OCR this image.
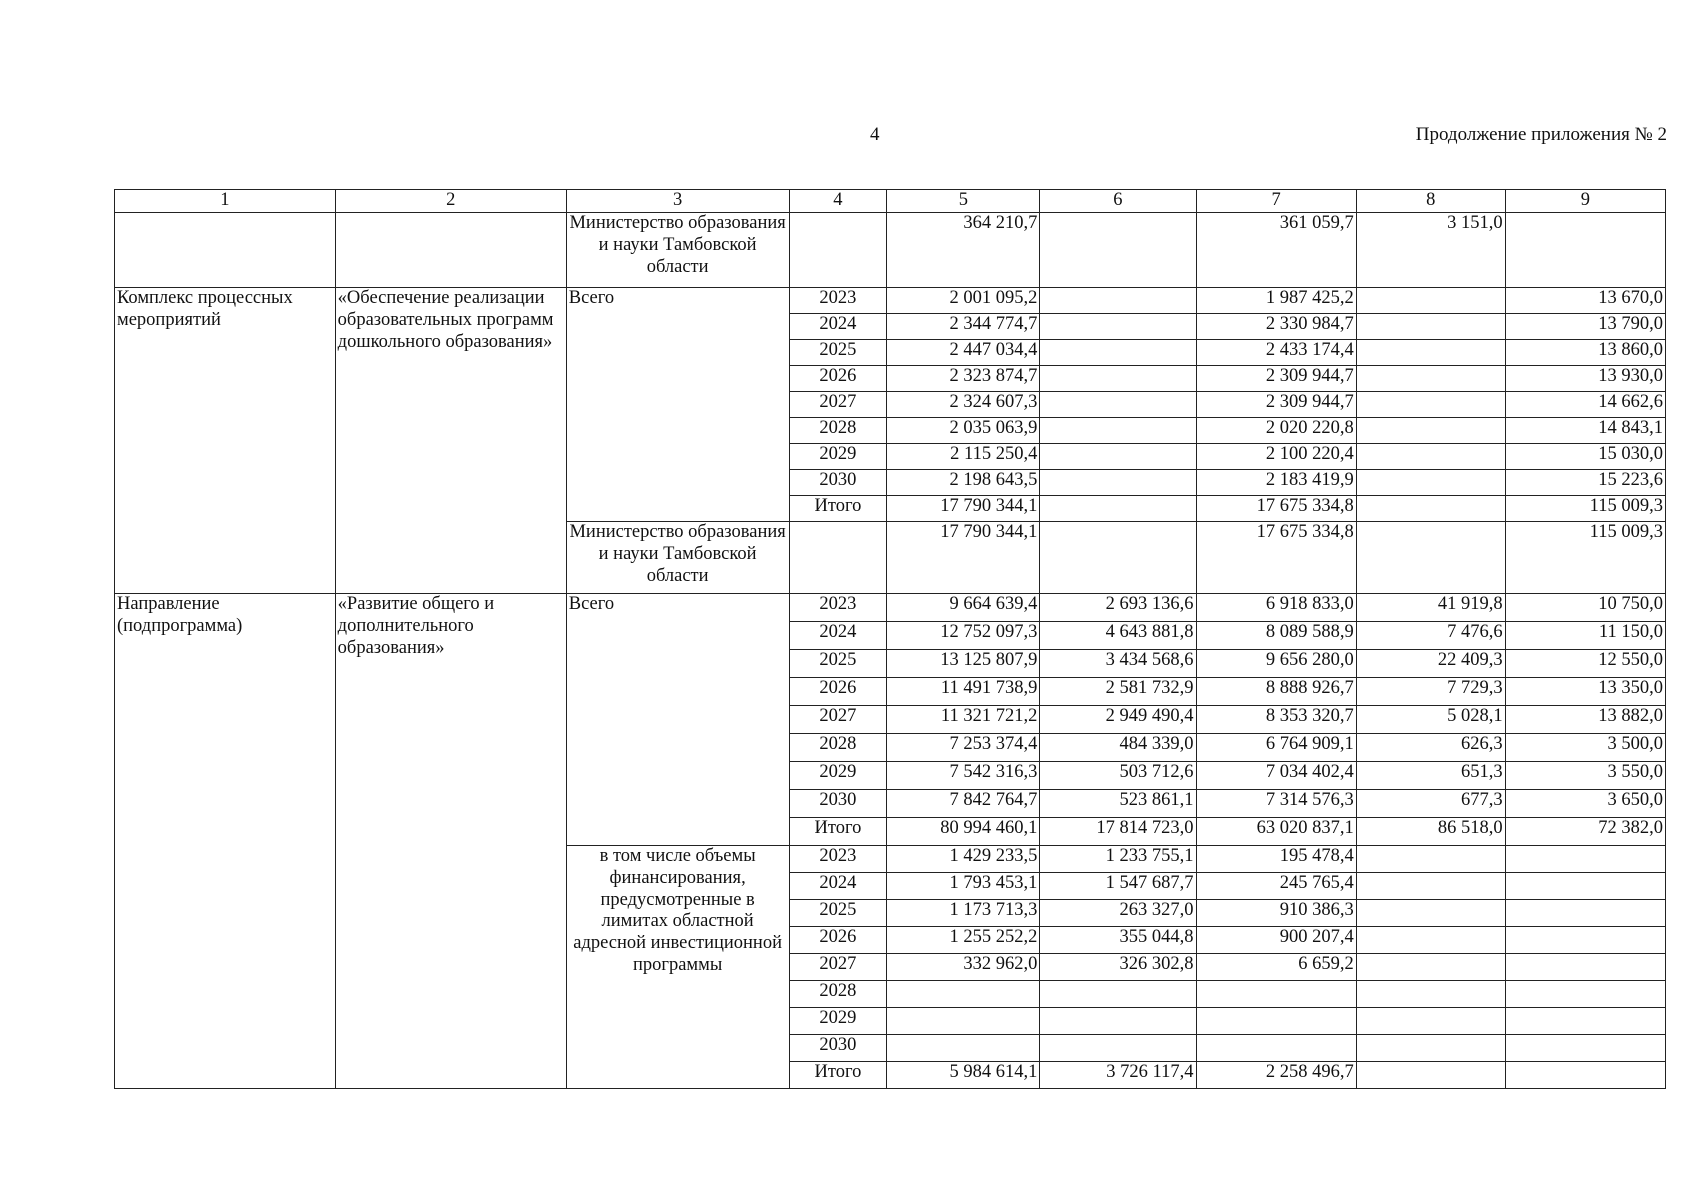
4	Продолжение приложения № 2
1	2	3	4	5	6	7	8	9
		Министерство образования и науки Тамбовской области		364 210,7		361 059,7	3 151,0	
Комплекс процессных мероприятий	«Обеспечение реализации образовательных программ дошкольного образования»	Всего	2023	2 001 095,2		1 987 425,2		13 670,0
			2024	2 344 774,7		2 330 984,7		13 790,0
			2025	2 447 034,4		2 433 174,4		13 860,0
			2026	2 323 874,7		2 309 944,7		13 930,0
			2027	2 324 607,3		2 309 944,7		14 662,6
			2028	2 035 063,9		2 020 220,8		14 843,1
			2029	2 115 250,4		2 100 220,4		15 030,0
			2030	2 198 643,5		2 183 419,9		15 223,6
			Итого	17 790 344,1		17 675 334,8		115 009,3
		Министерство образования и науки Тамбовской области		17 790 344,1		17 675 334,8		115 009,3
Направление (подпрограмма)	«Развитие общего и дополнительного образования»	Всего	2023	9 664 639,4	2 693 136,6	6 918 833,0	41 919,8	10 750,0
			2024	12 752 097,3	4 643 881,8	8 089 588,9	7 476,6	11 150,0
			2025	13 125 807,9	3 434 568,6	9 656 280,0	22 409,3	12 550,0
			2026	11 491 738,9	2 581 732,9	8 888 926,7	7 729,3	13 350,0
			2027	11 321 721,2	2 949 490,4	8 353 320,7	5 028,1	13 882,0
			2028	7 253 374,4	484 339,0	6 764 909,1	626,3	3 500,0
			2029	7 542 316,3	503 712,6	7 034 402,4	651,3	3 550,0
			2030	7 842 764,7	523 861,1	7 314 576,3	677,3	3 650,0
			Итого	80 994 460,1	17 814 723,0	63 020 837,1	86 518,0	72 382,0
		в том числе объемы финансирования, предусмотренные в лимитах областной адресной инвестиционной программы	2023	1 429 233,5	1 233 755,1	195 478,4		
			2024	1 793 453,1	1 547 687,7	245 765,4		
			2025	1 173 713,3	263 327,0	910 386,3		
			2026	1 255 252,2	355 044,8	900 207,4		
			2027	332 962,0	326 302,8	6 659,2		
			2028					
			2029					
			2030					
			Итого	5 984 614,1	3 726 117,4	2 258 496,7		
